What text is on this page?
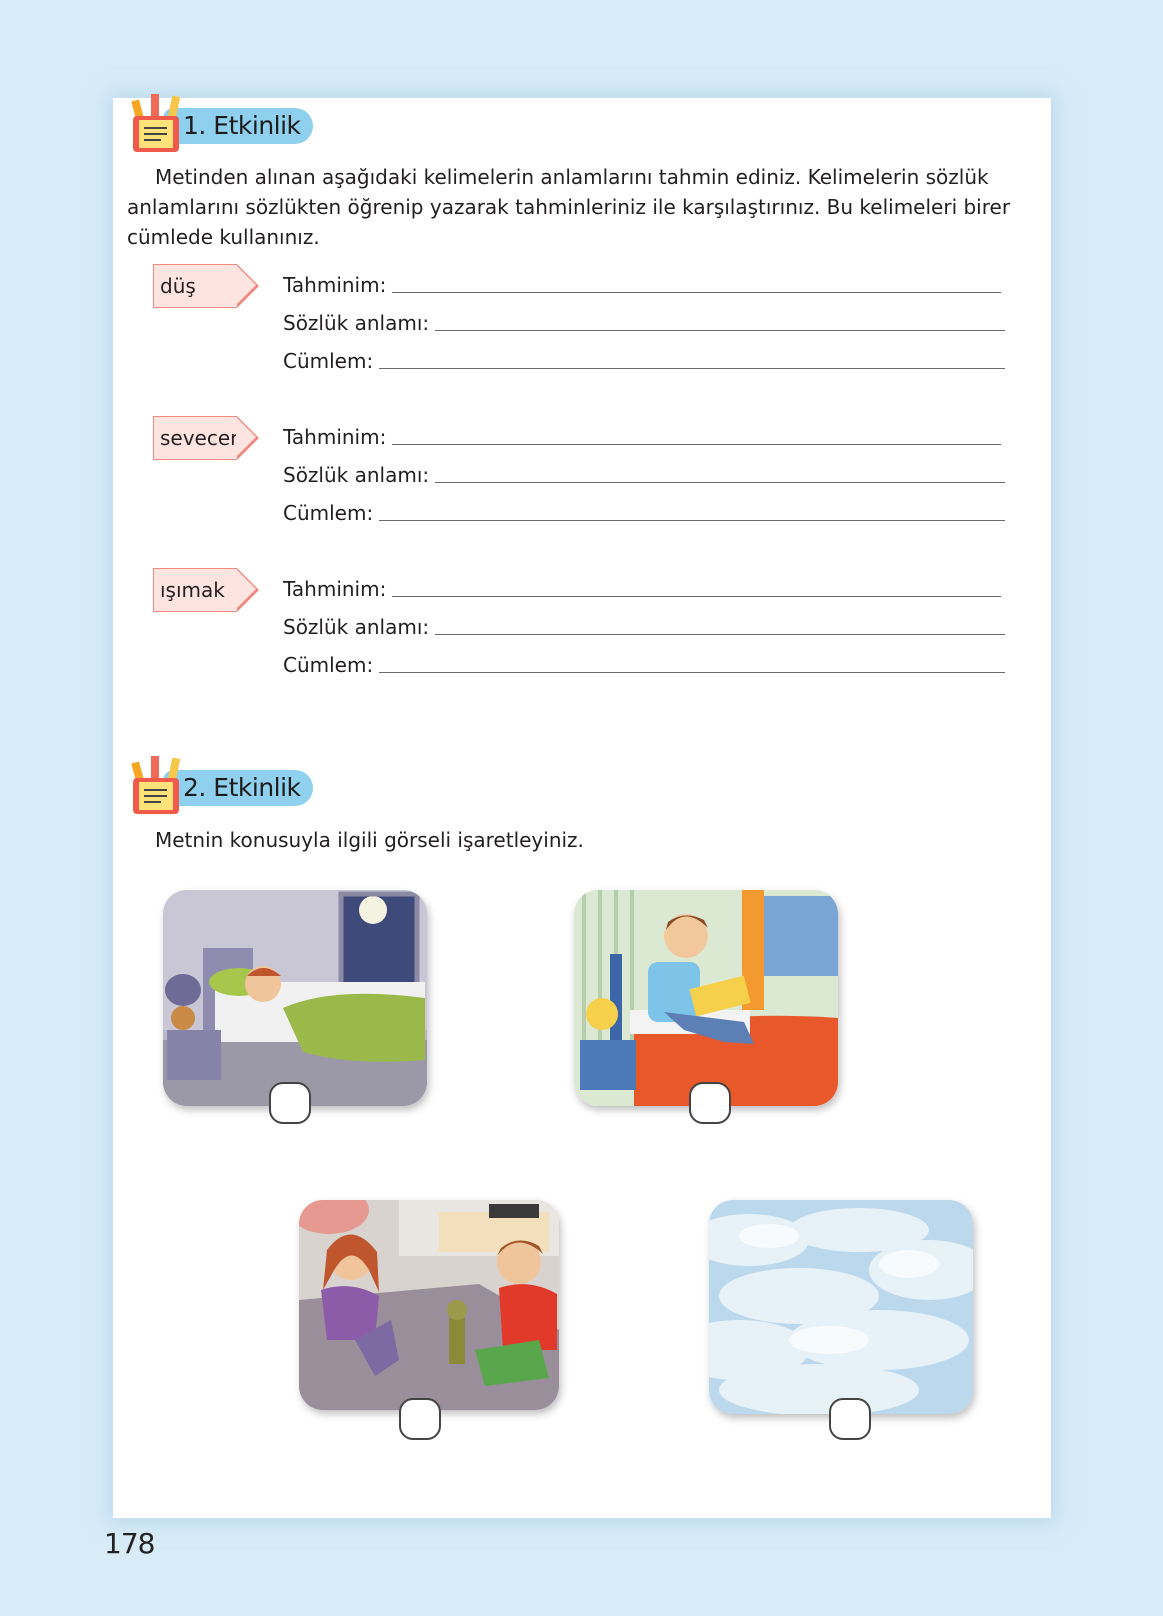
1. Etkinlik

Metinden alınan aşağıdaki kelimelerin anlamlarını tahmin ediniz. Kelimelerin sözlük anlamlarını sözlükten öğrenip yazarak tahminleriniz ile karşılaştırınız. Bu kelimeleri birer cümlede kullanınız.

düş	Tahminim:
Sözlük anlamı:
Cümlem:
sevecen Tahminim:
Sözlük anlamı:
Cümlem:
ışımak	Tahminim:
Sözlük anlamı:
Cümlem:
2. Etkinlik

Metnin konusuyla ilgili görseli işaretleyiniz.

178
